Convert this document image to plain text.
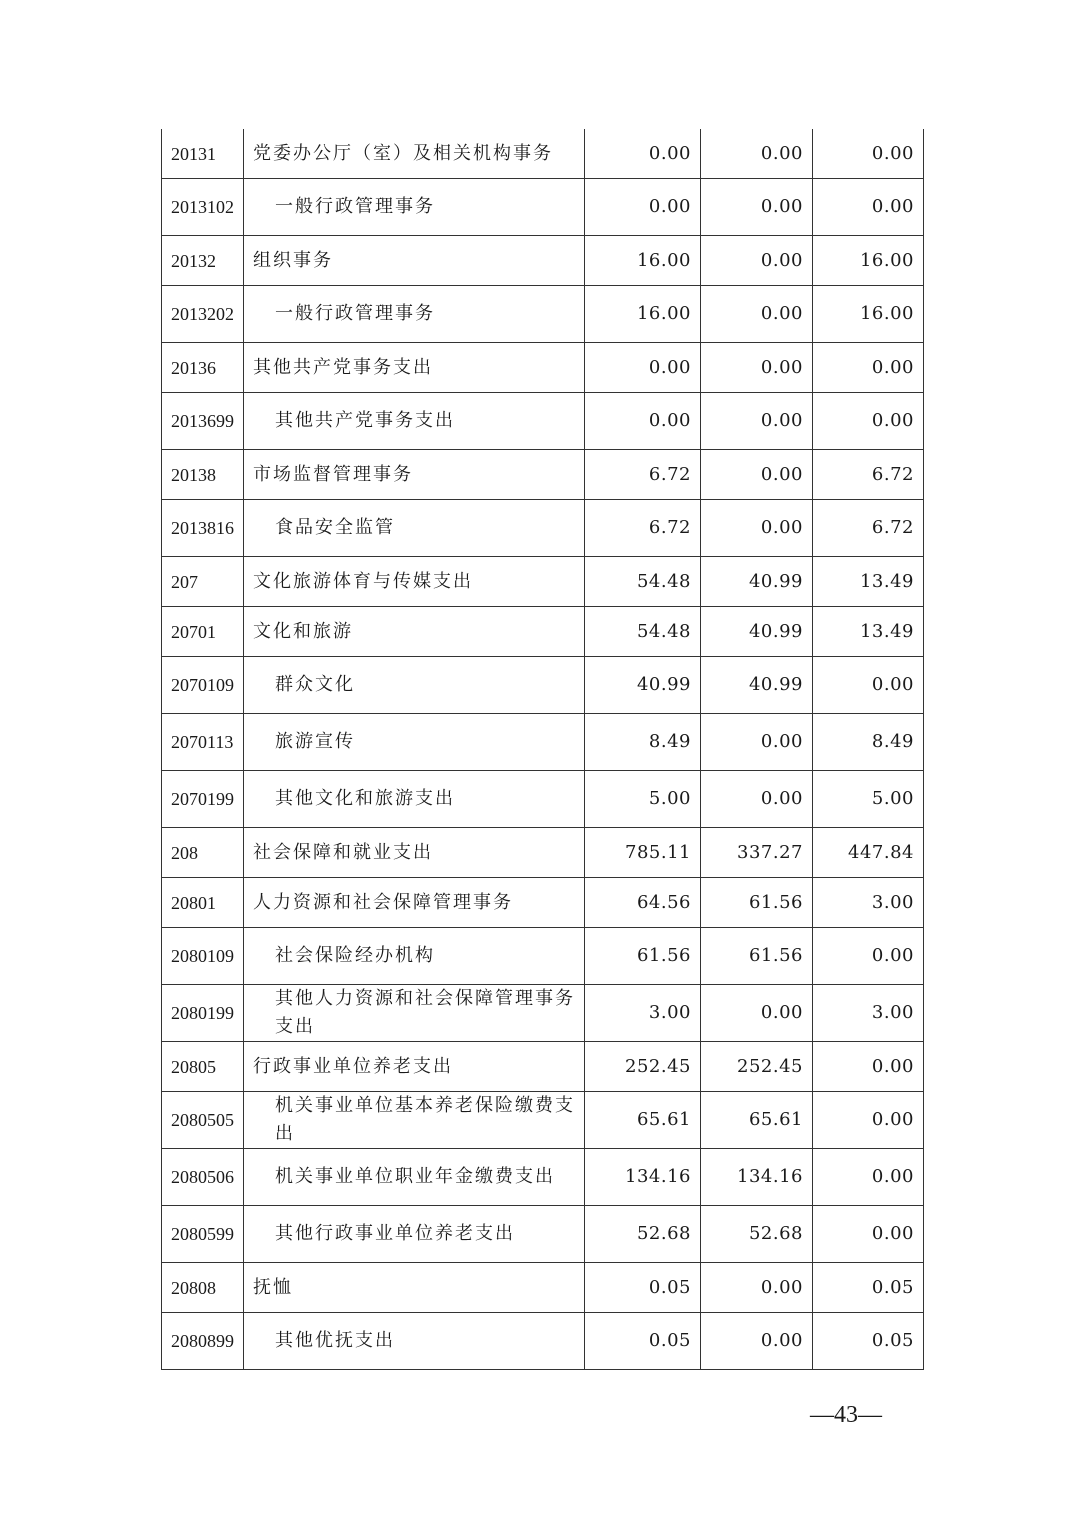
20131	党委办公厅（室）及相关机构事务	0.00	0.00	0.00
2013102	一般行政管理事务	0.00	0.00	0.00
20132	组织事务	16.00	0.00	16.00
2013202	一般行政管理事务	16.00	0.00	16.00
20136	其他共产党事务支出	0.00	0.00	0.00
2013699	其他共产党事务支出	0.00	0.00	0.00
20138	市场监督管理事务	6.72	0.00	6.72
2013816	食品安全监管	6.72	0.00	6.72
207	文化旅游体育与传媒支出	54.48	40.99	13.49
20701	文化和旅游	54.48	40.99	13.49
2070109	群众文化	40.99	40.99	0.00
2070113	旅游宣传	8.49	0.00	8.49
2070199	其他文化和旅游支出	5.00	0.00	5.00
208	社会保障和就业支出	785.11	337.27	447.84
20801	人力资源和社会保障管理事务	64.56	61.56	3.00
2080109	社会保险经办机构	61.56	61.56	0.00
2080199	其他人力资源和社会保障管理事务支出	3.00	0.00	3.00
20805	行政事业单位养老支出	252.45	252.45	0.00
2080505	机关事业单位基本养老保险缴费支出	65.61	65.61	0.00
2080506	机关事业单位职业年金缴费支出	134.16	134.16	0.00
2080599	其他行政事业单位养老支出	52.68	52.68	0.00
20808	抚恤	0.05	0.00	0.05
2080899	其他优抚支出	0.05	0.00	0.05
—43—
